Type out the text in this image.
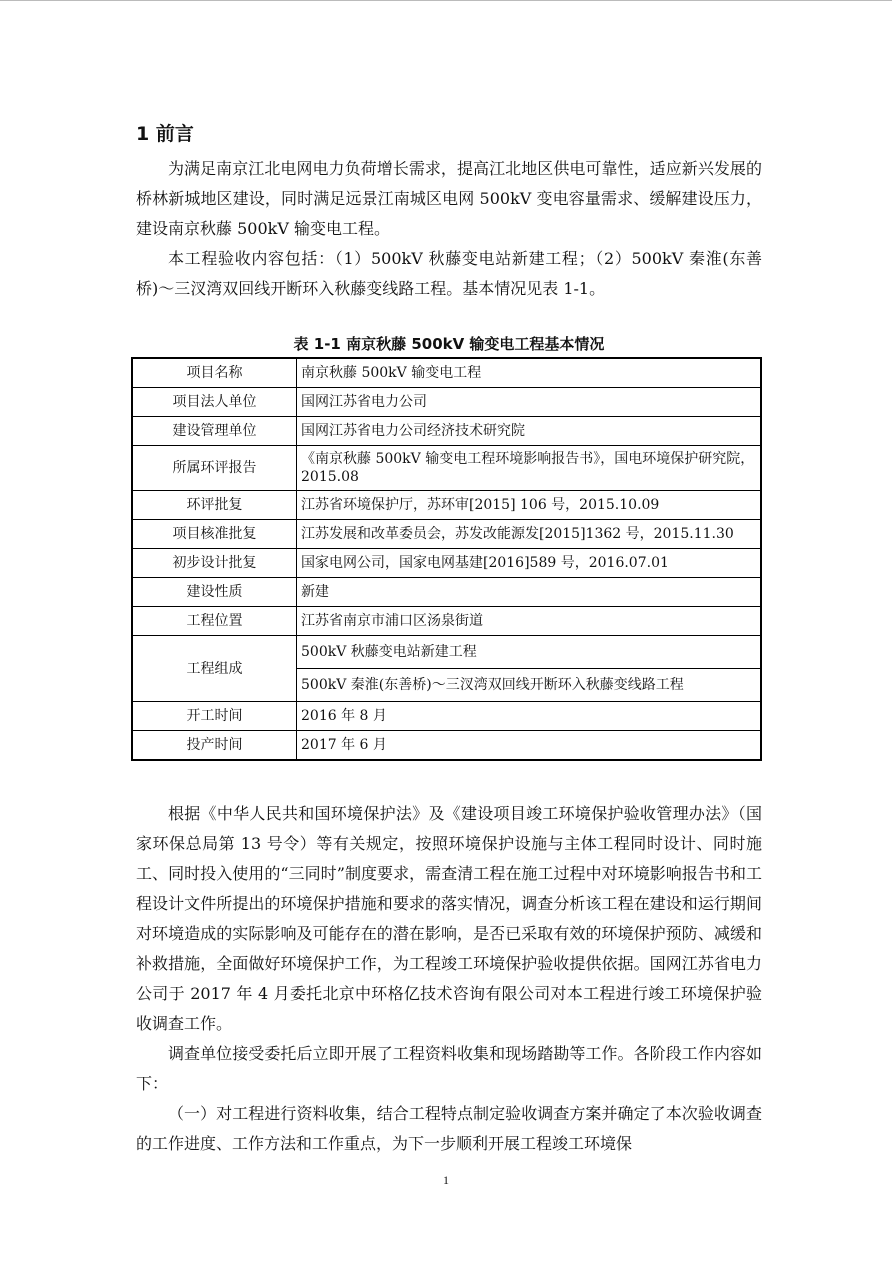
1 前言

为满足南京江北电网电力负荷增长需求，提高江北地区供电可靠性，适应新兴发展的桥林新城地区建设，同时满足远景江南城区电网 500kV 变电容量需求、缓解建设压力，建设南京秋藤 500kV 输变电工程。

本工程验收内容包括：（1）500kV 秋藤变电站新建工程；（2）500kV 秦淮(东善桥)～三汊湾双回线开断环入秋藤变线路工程。基本情况见表 1-1。

表 1-1 南京秋藤 500kV 输变电工程基本情况
项目名称	南京秋藤 500kV 输变电工程
项目法人单位	国网江苏省电力公司
建设管理单位	国网江苏省电力公司经济技术研究院
所属环评报告	《南京秋藤 500kV 输变电工程环境影响报告书》，国电环境保护研究院，2015.08
环评批复	江苏省环境保护厅，苏环审[2015] 106 号，2015.10.09
项目核准批复	江苏发展和改革委员会，苏发改能源发[2015]1362 号，2015.11.30
初步设计批复	国家电网公司，国家电网基建[2016]589 号，2016.07.01
建设性质	新建
工程位置	江苏省南京市浦口区汤泉街道
工程组成	500kV 秋藤变电站新建工程
	500kV 秦淮(东善桥)～三汊湾双回线开断环入秋藤变线路工程
开工时间	2016 年 8 月
投产时间	2017 年 6 月

根据《中华人民共和国环境保护法》及《建设项目竣工环境保护验收管理办法》（国家环保总局第 13 号令）等有关规定，按照环境保护设施与主体工程同时设计、同时施工、同时投入使用的“三同时”制度要求，需查清工程在施工过程中对环境影响报告书和工程设计文件所提出的环境保护措施和要求的落实情况，调查分析该工程在建设和运行期间对环境造成的实际影响及可能存在的潜在影响，是否已采取有效的环境保护预防、减缓和补救措施，全面做好环境保护工作，为工程竣工环境保护验收提供依据。国网江苏省电力公司于 2017 年 4 月委托北京中环格亿技术咨询有限公司对本工程进行竣工环境保护验收调查工作。

调查单位接受委托后立即开展了工程资料收集和现场踏勘等工作。各阶段工作内容如下：

（一）对工程进行资料收集，结合工程特点制定验收调查方案并确定了本次验收调查的工作进度、工作方法和工作重点，为下一步顺利开展工程竣工环境保

1
